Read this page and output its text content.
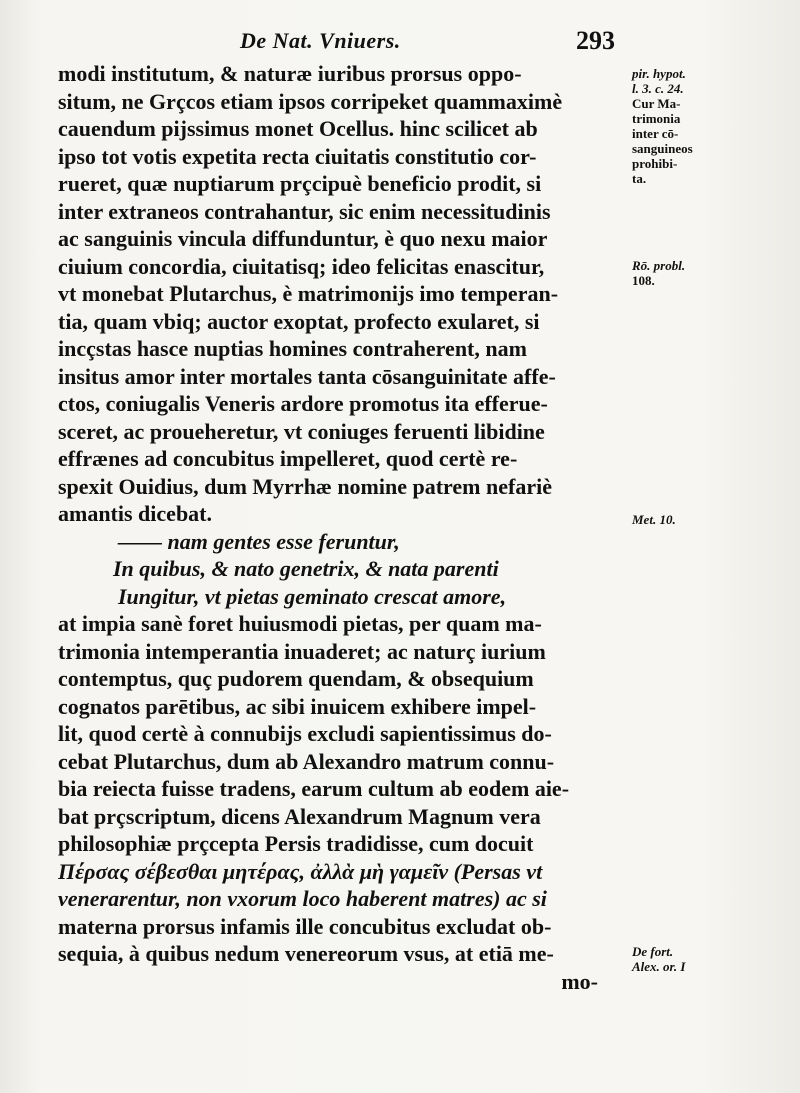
De Nat. Vniuers.	293
modi institutum, & naturæ iuribus prorsus oppo-
situm, ne Grçcos etiam ipsos corripeket quammaximè
cauendum pijssimus monet Ocellus. hinc scilicet ab
ipso tot votis expetita recta ciuitatis constitutio cor-
rueret, quæ nuptiarum prçcipuè beneficio prodit, si
inter extraneos contrahantur, sic enim necessitudinis
ac sanguinis vincula diffunduntur, è quo nexu maior
ciuium concordia, ciuitatisq; ideo felicitas enascitur,
vt monebat Plutarchus, è matrimonijs imo temperan-
tia, quam vbiq; auctor exoptat, profecto exularet, si
incçstas hasce nuptias homines contraherent, nam
insitus amor inter mortales tanta cōsanguinitate affe-
ctos, coniugalis Veneris ardore promotus ita efferue-
sceret, ac proueheretur, vt coniuges feruenti libidine
effrænes ad concubitus impelleret, quod certè re-
spexit Ouidius, dum Myrrhæ nomine patrem nefariè
amantis dicebat.
—— nam gentes esse feruntur,
In quibus, & nato genetrix, & nata parenti
Iungitur, vt pietas geminato crescat amore,
at impia sanè foret huiusmodi pietas, per quam ma-
trimonia intemperantia inuaderet; ac naturç iurium
contemptus, quç pudorem quendam, & obsequium
cognatos parētibus, ac sibi inuicem exhibere impel-
lit, quod certè à connubijs excludi sapientissimus do-
cebat Plutarchus, dum ab Alexandro matrum connu-
bia reiecta fuisse tradens, earum cultum ab eodem aie-
bat prçscriptum, dicens Alexandrum Magnum vera
philosophiæ prçcepta Persis tradidisse, cum docuit
Πέρσας σέβεσθαι μητέρας, ἀλλὰ μὴ γαμεῖν (Persas vt
venerarentur, non vxorum loco haberent matres) ac si
materna prorsus infamis ille concubitus excludat ob-
sequia, à quibus nedum venereorum vsus, at etiā me-
mo-
pir. hypot.
l. 3. c. 24.
Cur Ma-
trimonia
inter cō-
sanguineos
prohibi-
ta.
Rō. probl.
108.
Met. 10.
De fort.
Alex. or. I
